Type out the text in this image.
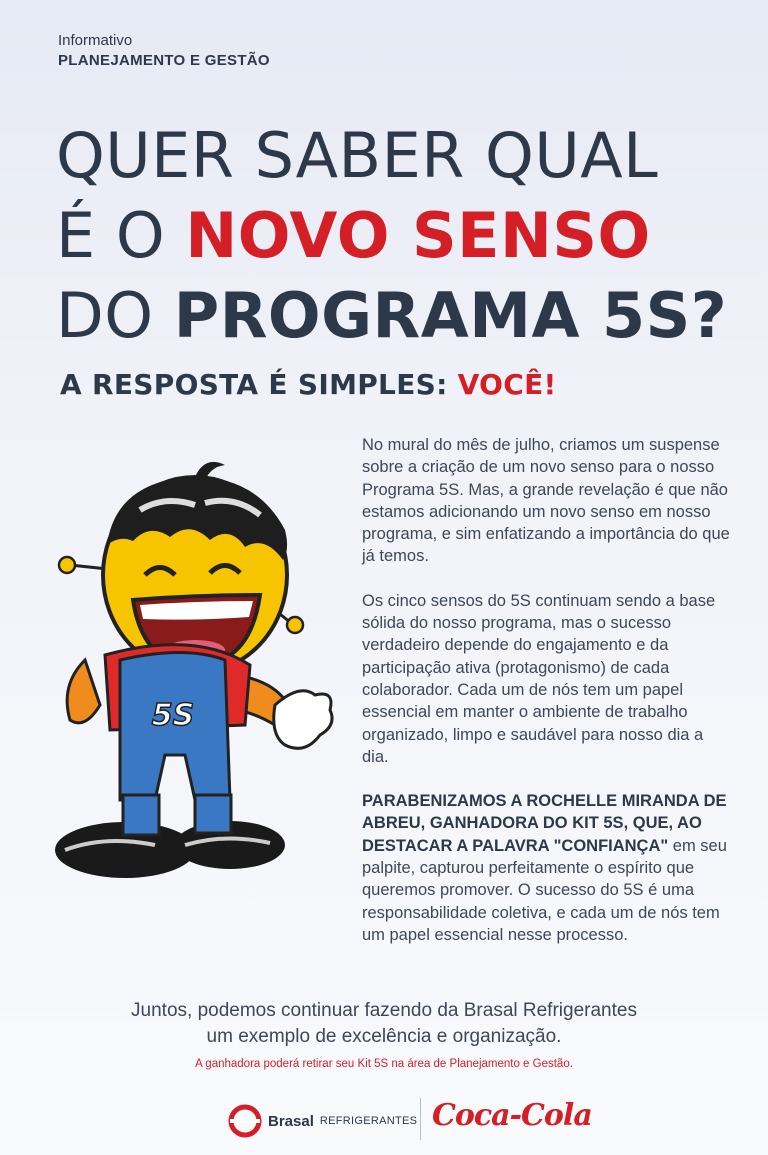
Informativo
PLANEJAMENTO E GESTÃO
QUER SABER QUAL
É O NOVO SENSO
DO PROGRAMA 5S?
A RESPOSTA É SIMPLES: VOCÊ!
5S

No mural do mês de julho, criamos um suspense sobre a criação de um novo senso para o nosso Programa 5S. Mas, a grande revelação é que não estamos adicionando um novo senso em nosso programa, e sim enfatizando a importância do que já temos.

Os cinco sensos do 5S continuam sendo a base sólida do nosso programa, mas o sucesso verdadeiro depende do engajamento e da participação ativa (protagonismo) de cada colaborador. Cada um de nós tem um papel essencial em manter o ambiente de trabalho organizado, limpo e saudável para nosso dia a dia.

PARABENIZAMOS A ROCHELLE MIRANDA DE ABREU, GANHADORA DO KIT 5S, QUE, AO DESTACAR A PALAVRA "CONFIANÇA" em seu palpite, capturou perfeitamente o espírito que queremos promover. O sucesso do 5S é uma responsabilidade coletiva, e cada um de nós tem um papel essencial nesse processo.

Juntos, podemos continuar fazendo da Brasal Refrigerantes
um exemplo de excelência e organização.
A ganhadora poderá retirar seu Kit 5S na área de Planejamento e Gestão.
Brasal REFRIGERANTES Coca-Cola
